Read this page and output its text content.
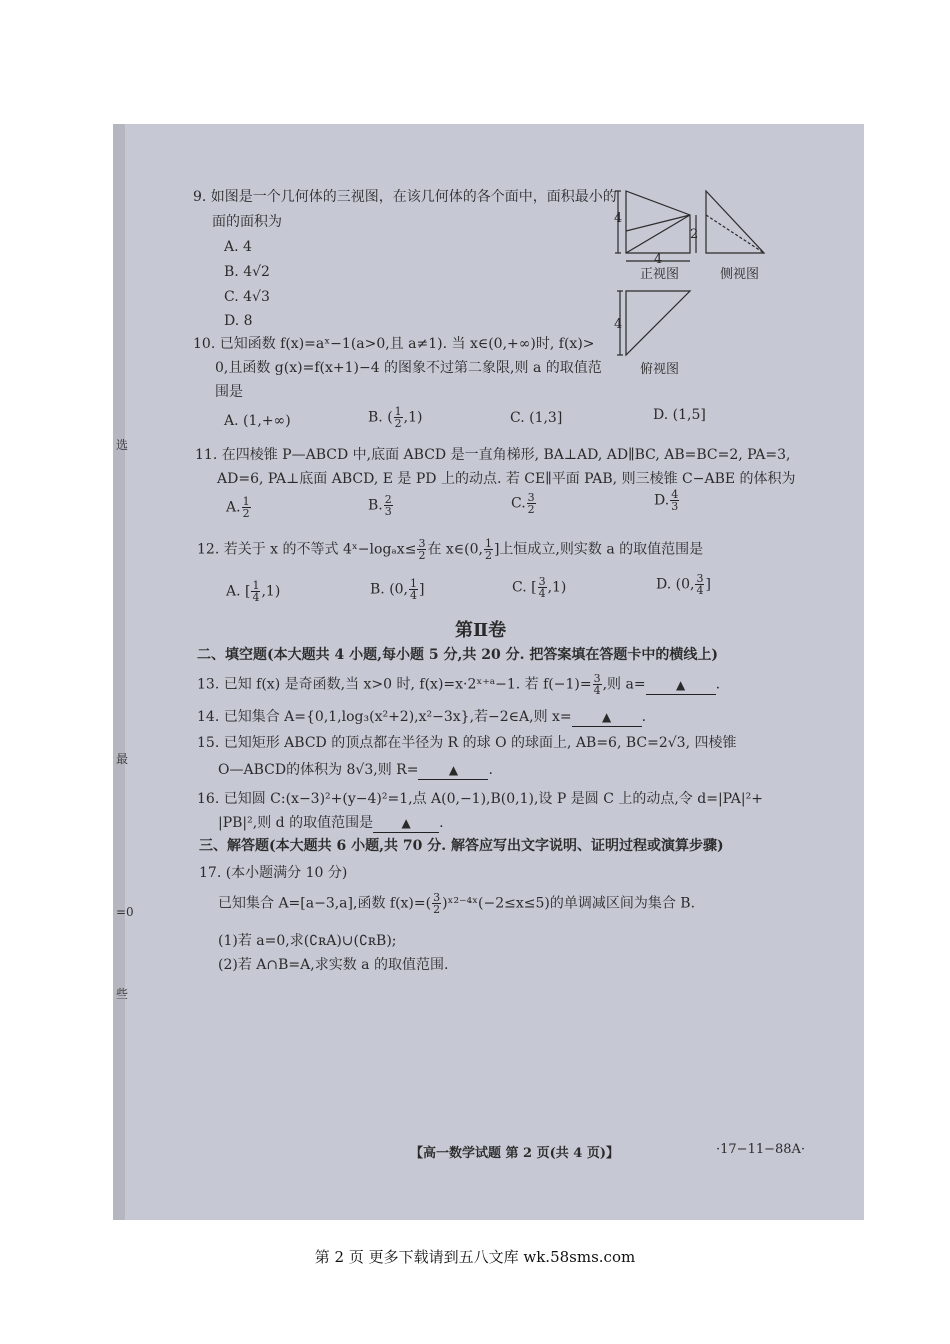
选
最
=0
些
9. 如图是一个几何体的三视图，在该几何体的各个面中，面积最小的
面的面积为
A. 4
B. 4√2
C. 4√3
D. 8
4
2
4
4
正视图	侧视图
俯视图
10. 已知函数 f(x)=aˣ−1(a>0,且 a≠1). 当 x∈(0,+∞)时, f(x)>
0,且函数 g(x)=f(x+1)−4 的图象不过第二象限,则 a 的取值范
围是
A. (1,+∞)	B. ( $\frac{1}{2} ,1$)	C. (1,3]	D. (1,5]
11. 在四棱锥 P—ABCD 中,底面 ABCD 是一直角梯形, BA⊥AD, AD∥BC, AB=BC=2, PA=3,
AD=6, PA⊥底面 ABCD, E 是 PD 上的动点. 若 CE∥平面 PAB, 则三棱锥 C−ABE 的体积为
A. $\frac{1}{2}$	B. $\frac{2}{3}$	C. $\frac{3}{2}$	D. $\frac{4}{3}$
12. 若关于 x 的不等式 4ˣ−logₐx≤ $\frac{3}{2}$ 在 x∈(0, $\frac{1}{2}$ ]上恒成立,则实数 a 的取值范围是
A. [ $\frac{1}{4} ,1$)	B. (0, $\frac{1}{4}$ ]	C. [ $\frac{3}{4} ,1$)	D. (0, $\frac{3}{4}$ ]
第Ⅱ卷
二、填空题(本大题共 4 小题,每小题 5 分,共 20 分. 把答案填在答题卡中的横线上)
13. 已知 f(x) 是奇函数,当 x>0 时, f(x)=x·2ˣ⁺ᵃ−1. 若 $f(-1)= \frac{3}{4}$ ,则 a=	▲ .
14. 已知集合 A={0,1,log₃(x²+2),x²−3x},若−2∈A,则 x=	▲ .
15. 已知矩形 ABCD 的顶点都在半径为 R 的球 O 的球面上, AB=6, BC=2√3, 四棱锥
O—ABCD的体积为 8√3,则 R=	▲ .
16. 已知圆 C:(x−3)²+(y−4)²=1,点 A(0,−1),B(0,1),设 P 是圆 C 上的动点,令 d=|PA|²+
|PB|²,则 d 的取值范围是 ▲ .
三、解答题(本大题共 6 小题,共 70 分. 解答应写出文字说明、证明过程或演算步骤)
17. (本小题满分 10 分)
已知集合 A=[a−3,a],函数 $f(x)=( \frac{3}{2}$ )ˣ²⁻⁴ˣ(−2≤x≤5)的单调减区间为集合 B.
(1)若 a=0,求(∁ʀA)∪(∁ʀB);
(2)若 A∩B=A,求实数 a 的取值范围.
【高一数学试题 第 2 页(共 4 页)】	·17−11−88A·
第 2 页 更多下载请到五八文库 wk.58sms.com
